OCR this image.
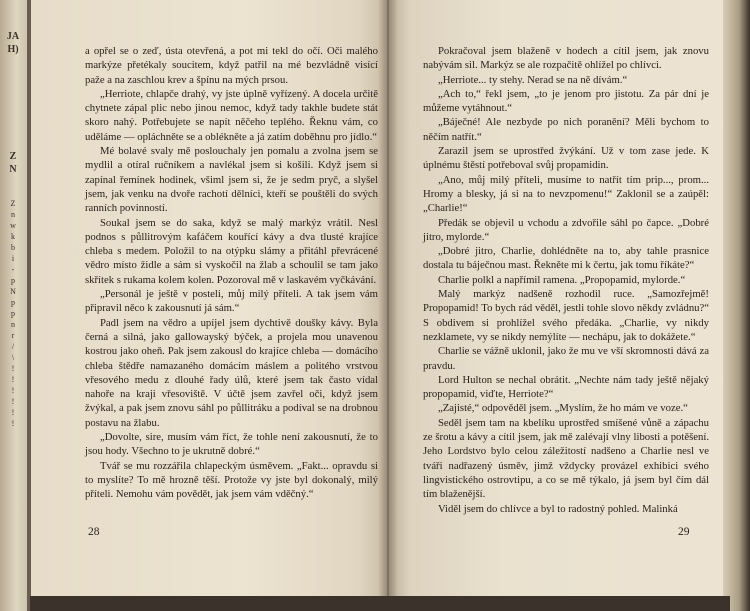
JA
H)
Z
N
Z
n
w
k
b
i
-
p
N
p
p
n
r
/
\
!
!
!
!
!
!

a opřel se o zeď, ústa otevřená, a pot mi tekl do očí. Oči malého markýze přetékaly soucitem, když patřil na mé bezvládně visící paže a na zaschlou krev a špínu na mých prsou.

„Herriote, chlapče drahý, vy jste úplně vyřízený. A docela určitě chytnete zápal plic nebo jinou nemoc, když tady takhle budete stát skoro nahý. Potřebujete se napít něčeho teplého. Řeknu vám, co uděláme — opláchněte se a oblékněte a já zatím doběhnu pro jídlo.“

Mé bolavé svaly mě poslouchaly jen pomalu a zvolna jsem se mydlil a otíral ručníkem a navlékal jsem si košili. Když jsem si zapínal řemínek hodinek, všiml jsem si, že je sedm pryč, a slyšel jsem, jak venku na dvoře rachotí dělníci, kteří se pouštěli do svých ranních povinností.

Soukal jsem se do saka, když se malý markýz vrátil. Nesl podnos s půllitrovým kafáčem kouřící kávy a dva tlusté krajíce chleba s medem. Položil to na otýpku slámy a přitáhl převrácené vědro místo židle a sám si vyskočil na žlab a schoulil se tam jako skřítek s rukama kolem kolen. Pozoroval mě v laskavém vyčkávání.

„Personál je ještě v posteli, můj milý příteli. A tak jsem vám připravil něco k zakousnutí já sám.“

Padl jsem na vědro a upíjel jsem dychtivě doušky kávy. Byla černá a silná, jako gallowayský býček, a projela mou unavenou kostrou jako oheň. Pak jsem zakousl do krajíce chleba — domácího chleba štědře namazaného domácím máslem a politého vrstvou vřesového medu z dlouhé řady úlů, které jsem tak často vídal nahoře na kraji vřesoviště. V účtě jsem zavřel oči, když jsem žvýkal, a pak jsem znovu sáhl po půllitráku a podíval se na drobnou postavu na žlabu.

„Dovolte, sire, musím vám říct, že tohle není zakousnutí, že to jsou hody. Všechno to je ukrutně dobré.“

Tvář se mu rozzářila chlapeckým úsměvem. „Fakt... opravdu si to myslíte? To mě hrozně těší. Protože vy jste byl dokonalý, milý příteli. Nemohu vám povědět, jak jsem vám vděčný.“

28

Pokračoval jsem blaženě v hodech a cítil jsem, jak znovu nabývám sil. Markýz se ale rozpačitě ohlížel po chlívci.

„Herriote... ty stehy. Nerad se na ně dívám.“

„Ach to,“ řekl jsem, „to je jenom pro jistotu. Za pár dní je můžeme vytáhnout.“

„Báječné! Ale nezbyde po nich poranění? Měli bychom to něčím natřít.“

Zarazil jsem se uprostřed žvýkání. Už v tom zase jede. K úplnému štěstí potřeboval svůj propamidin.

„Ano, můj milý příteli, musíme to natřít tím prip..., prom... Hromy a blesky, já si na to nevzpomenu!“ Zaklonil se a zaúpěl: „Charlie!“

Předák se objevil u vchodu a zdvořile sáhl po čapce. „Dobré jitro, mylorde.“

„Dobré jitro, Charlie, dohlédněte na to, aby tahle prasnice dostala tu báječnou mast. Řekněte mi k čertu, jak tomu říkáte?“

Charlie polkl a napřímil ramena. „Propopamid, mylorde.“

Malý markýz nadšeně rozhodil ruce. „Samozřejmě! Propopamid! To bych rád věděl, jestli tohle slovo někdy zvládnu?“ S obdivem si prohlížel svého předáka. „Charlie, vy nikdy nezklamete, vy se nikdy nemýlíte — nechápu, jak to dokážete.“

Charlie se vážně uklonil, jako že mu ve vší skromnosti dává za pravdu.

Lord Hulton se nechal obrátit. „Nechte nám tady ještě nějaký propopamid, viďte, Herriote?“

„Zajisté,“ odpověděl jsem. „Myslím, že ho mám ve voze.“

Seděl jsem tam na kbelíku uprostřed smíšené vůně a zápachu ze šrotu a kávy a cítil jsem, jak mě zalévají vlny libosti a potěšení. Jeho Lordstvo bylo celou záležitostí nadšeno a Charlie nesl ve tváři nadřazený úsměv, jimž vždycky provázel exhibici svého lingvistického ostrovtipu, a co se mě týkalo, já jsem byl čím dál tím blaženější.

Viděl jsem do chlívce a byl to radostný pohled. Malinká

29
